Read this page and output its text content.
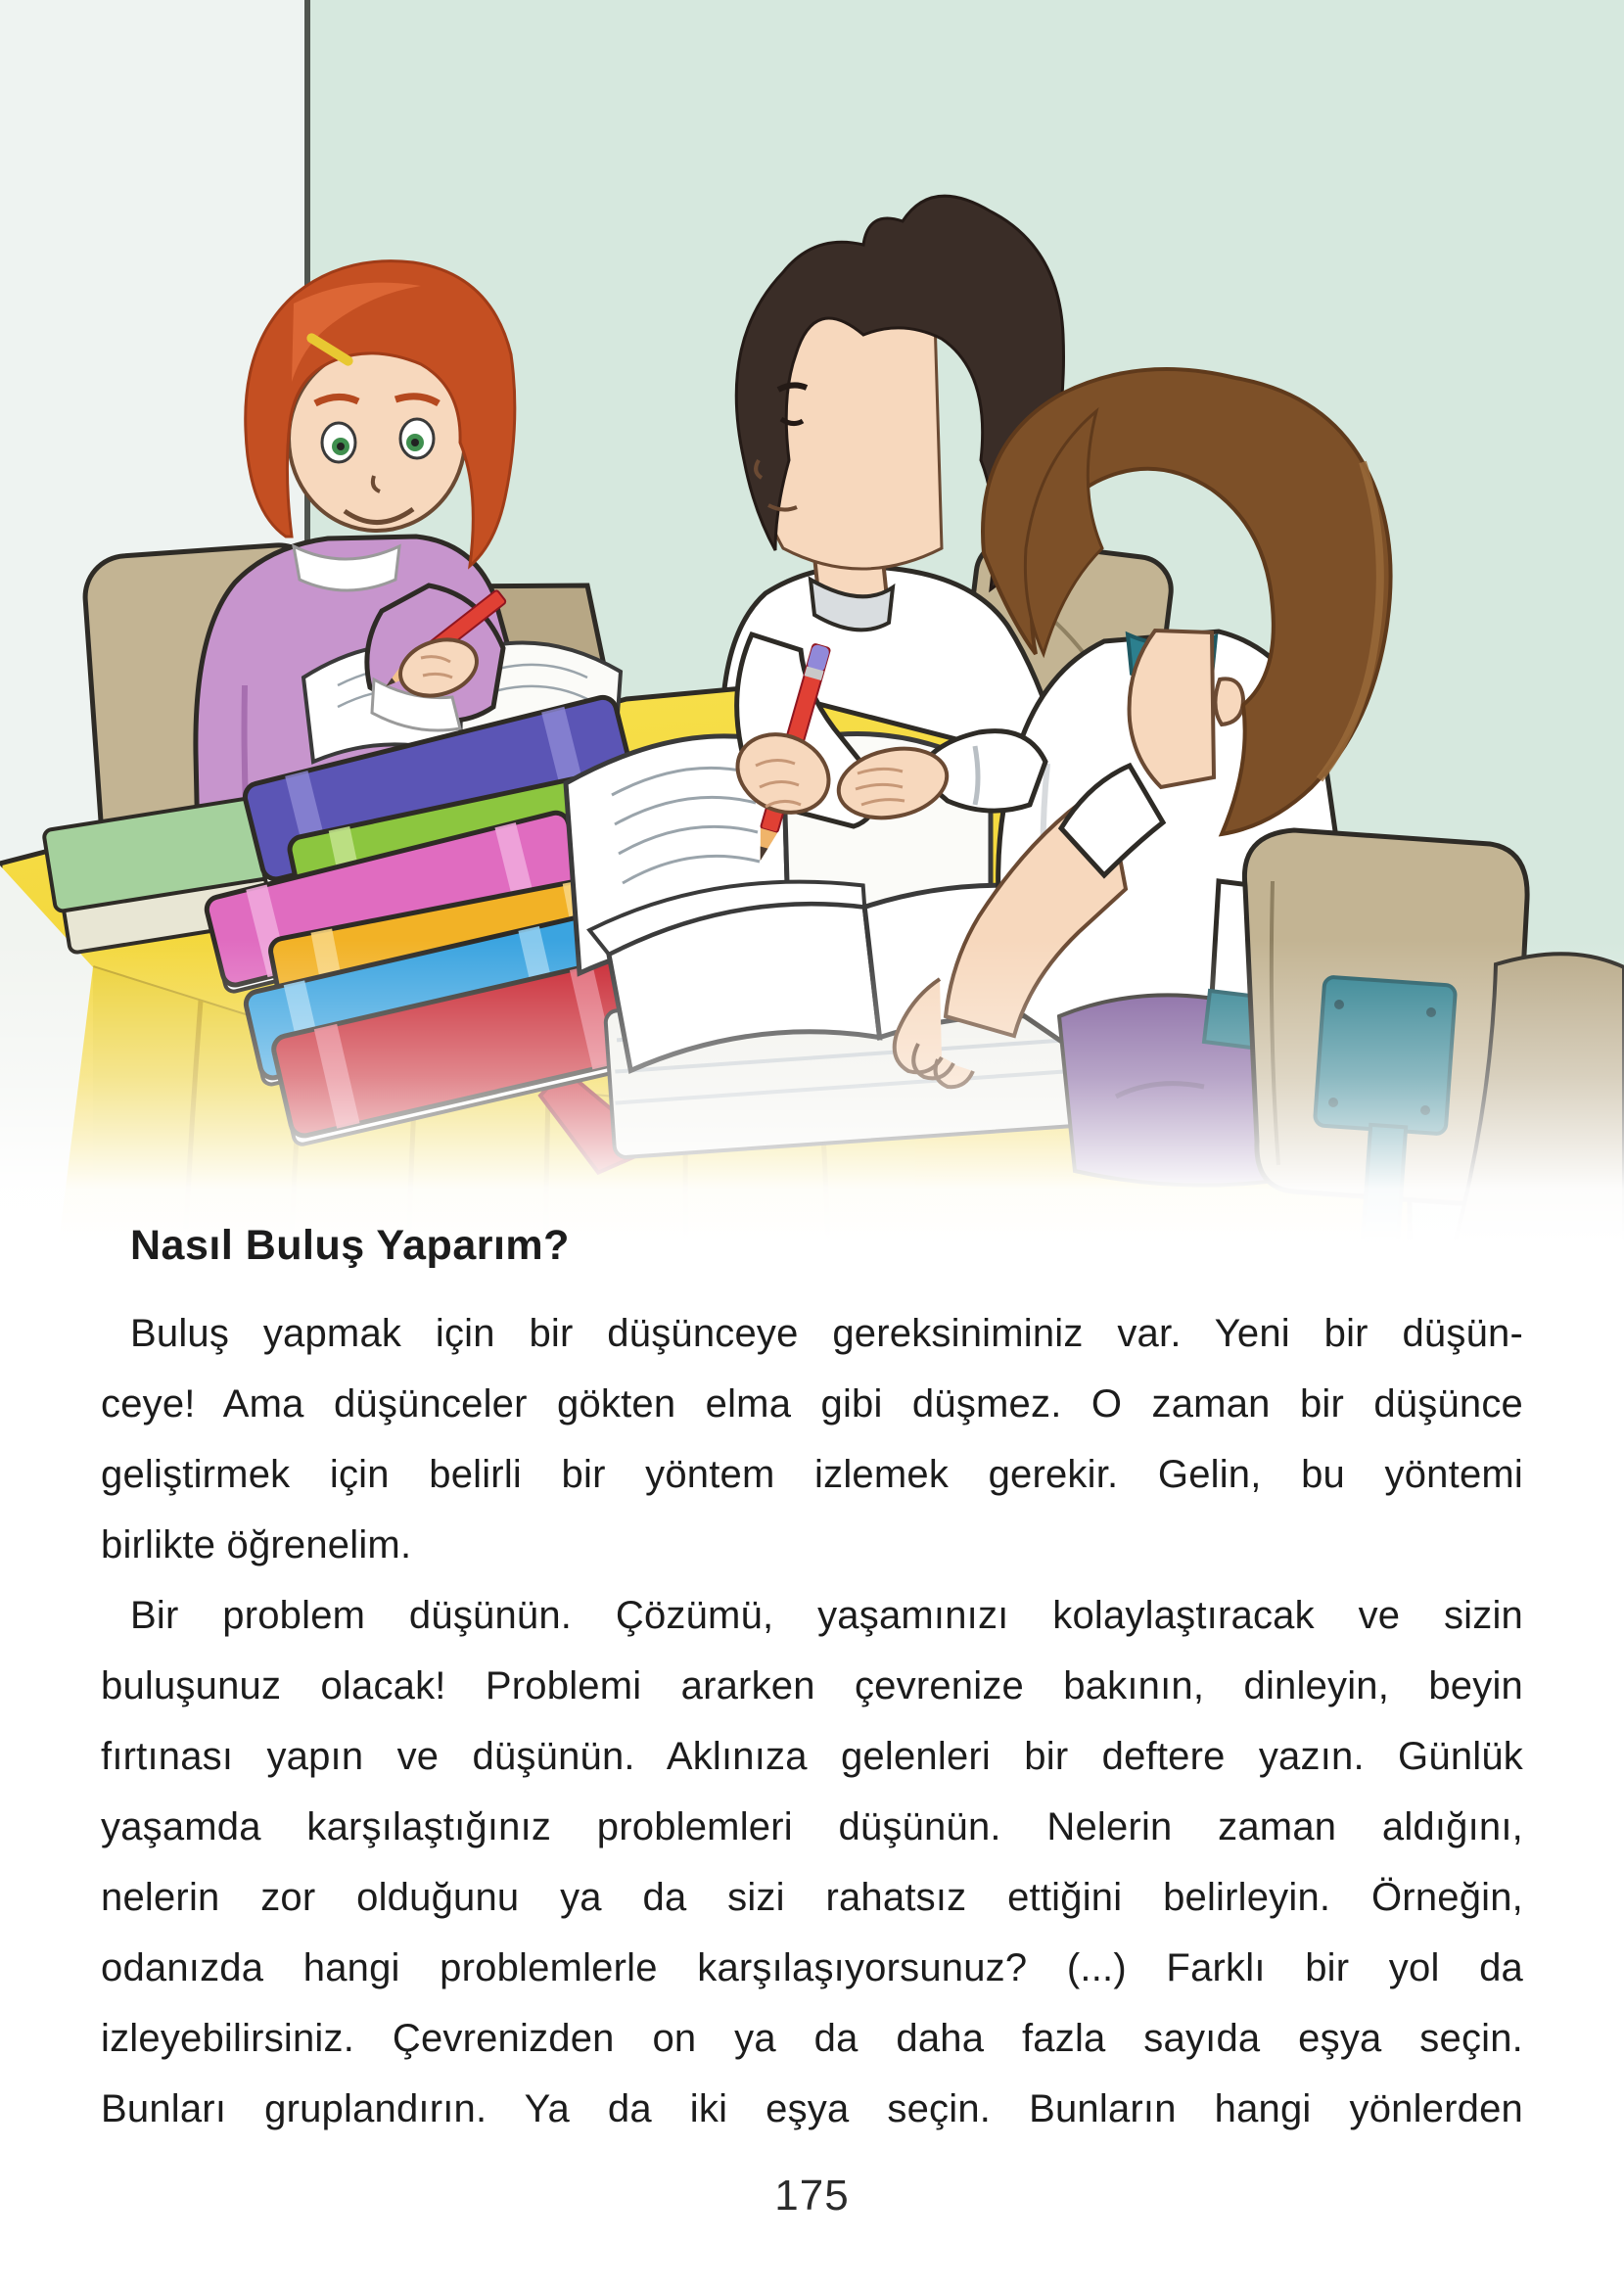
Nasıl Buluş Yaparım?
Buluş yapmak için bir düşünceye gereksiniminiz var. Yeni bir düşün-
ceye! Ama düşünceler gökten elma gibi düşmez. O zaman bir düşünce
geliştirmek için belirli bir yöntem izlemek gerekir. Gelin, bu yöntemi
birlikte öğrenelim.
Bir problem düşünün. Çözümü, yaşamınızı kolaylaştıracak ve sizin
buluşunuz olacak! Problemi ararken çevrenize bakının, dinleyin, beyin
fırtınası yapın ve düşünün. Aklınıza gelenleri bir deftere yazın. Günlük
yaşamda karşılaştığınız problemleri düşünün. Nelerin zaman aldığını,
nelerin zor olduğunu ya da sizi rahatsız ettiğini belirleyin. Örneğin,
odanızda hangi problemlerle karşılaşıyorsunuz? (...) Farklı bir yol da
izleyebilirsiniz. Çevrenizden on ya da daha fazla sayıda eşya seçin.
Bunları gruplandırın. Ya da iki eşya seçin. Bunların hangi yönlerden
175
